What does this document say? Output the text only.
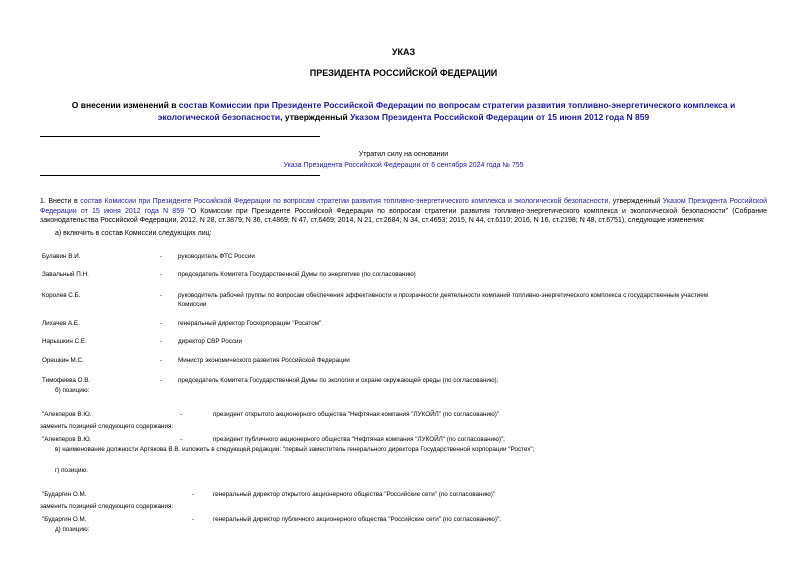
УКАЗ
ПРЕЗИДЕНТА РОССИЙСКОЙ ФЕДЕРАЦИИ
О внесении изменений в состав Комиссии при Президенте Российской Федерации по вопросам стратегии развития топливно-энергетического комплекса и экологической безопасности, утвержденный Указом Президента Российской Федерации от 15 июня 2012 года N 859
Утратил силу на основании
Указа Президента Российской Федерации от 6 сентября 2024 года № 755
1. Внести в состав Комиссии при Президенте Российской Федерации по вопросам стратегии развития топливно-энергетического комплекса и экологической безопасности, утвержденный Указом Президента Российской Федерации от 15 июня 2012 года N 859 "О Комиссии при Президенте Российской Федерации по вопросам стратегии развития топливно-энергетического комплекса и экологической безопасности" (Собрание законодательства Российской Федерации, 2012, N 28, ст.3879; N 36, ст.4869; N 47, ст.6469; 2014, N 21, ст.2684; N 34, ст.4653; 2015, N 44, ст.6110; 2016, N 16, ст.2198; N 48, ст.6751), следующие изменения:
а) включить в состав Комиссии следующих лиц:
Булавин В.И.	-	руководитель ФТС России
Завальный П.Н.	-	председатель Комитета Государственной Думы по энергетике (по согласованию)
Королев С.Б.	-	руководитель рабочей группы по вопросам обеспечения эффективности и прозрачности деятельности компаний топливно-энергетического комплекса с государственным участием
Комиссии
Лихачев А.Е.	-	генеральный директор Госкорпорации "Росатом"
Нарышкин С.Е.	-	директор СВР России
Орешкин М.С.	-	Министр экономического развития Российской Федерации
Тимофеева О.В.	-	председатель Комитета Государственной Думы по экологии и охране окружающей среды (по согласованию);
б) позицию:
"Алекперов В.Ю.	-	президент открытого акционерного общества "Нефтяная компания "ЛУКОЙЛ" (по согласованию)"
заменить позицией следующего содержания:
"Алекперов В.Ю.	-	президент публичного акционерного общества "Нефтяная компания "ЛУКОЙЛ" (по согласованию)";
в) наименование должности Артякова В.В. изложить в следующей редакции: "первый заместитель генерального директора Государственной корпорации "Ростех";
г) позицию:
"Бударгин О.М.	-	генеральный директор открытого акционерного общества "Российские сети" (по согласованию)"
заменить позицией следующего содержания:
"Бударгин О.М.	-	генеральный директор публичного акционерного общества "Российские сети" (по согласованию)";
д) позицию:
